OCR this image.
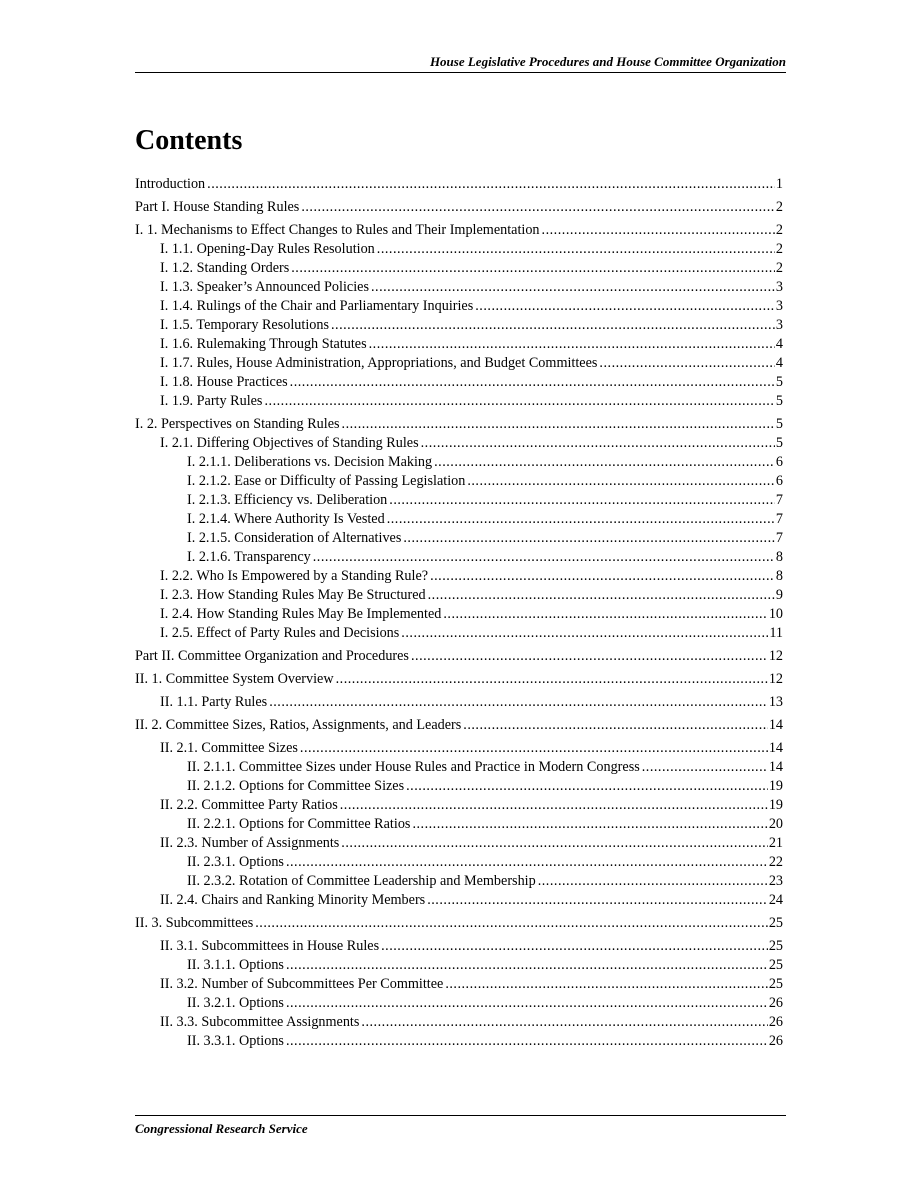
House Legislative Procedures and House Committee Organization
Contents
Introduction .....	1
Part I. House Standing Rules .....	2
I. 1. Mechanisms to Effect Changes to Rules and Their Implementation .....	2
I. 1.1. Opening-Day Rules Resolution .....	2
I. 1.2. Standing Orders .....	2
I. 1.3. Speaker’s Announced Policies .....	3
I. 1.4. Rulings of the Chair and Parliamentary Inquiries .....	3
I. 1.5. Temporary Resolutions .....	3
I. 1.6. Rulemaking Through Statutes .....	4
I. 1.7. Rules, House Administration, Appropriations, and Budget Committees .....	4
I. 1.8. House Practices .....	5
I. 1.9. Party Rules .....	5
I. 2. Perspectives on Standing Rules .....	5
I. 2.1. Differing Objectives of Standing Rules .....	5
I. 2.1.1. Deliberations vs. Decision Making .....	6
I. 2.1.2. Ease or Difficulty of Passing Legislation .....	6
I. 2.1.3. Efficiency vs. Deliberation .....	7
I. 2.1.4. Where Authority Is Vested .....	7
I. 2.1.5. Consideration of Alternatives .....	7
I. 2.1.6. Transparency .....	8
I. 2.2. Who Is Empowered by a Standing Rule? .....	8
I. 2.3. How Standing Rules May Be Structured .....	9
I. 2.4. How Standing Rules May Be Implemented .....	10
I. 2.5. Effect of Party Rules and Decisions .....	11
Part II. Committee Organization and Procedures .....	12
II. 1. Committee System Overview .....	12
II. 1.1. Party Rules .....	13
II. 2. Committee Sizes, Ratios, Assignments, and Leaders .....	14
II. 2.1. Committee Sizes .....	14
II. 2.1.1. Committee Sizes under House Rules and Practice in Modern Congress .....	14
II. 2.1.2. Options for Committee Sizes .....	19
II. 2.2. Committee Party Ratios .....	19
II. 2.2.1. Options for Committee Ratios .....	20
II. 2.3. Number of Assignments .....	21
II. 2.3.1. Options .....	22
II. 2.3.2. Rotation of Committee Leadership and Membership .....	23
II. 2.4. Chairs and Ranking Minority Members .....	24
II. 3. Subcommittees .....	25
II. 3.1. Subcommittees in House Rules .....	25
II. 3.1.1. Options .....	25
II. 3.2. Number of Subcommittees Per Committee .....	25
II. 3.2.1. Options .....	26
II. 3.3. Subcommittee Assignments .....	26
II. 3.3.1. Options .....	26
Congressional Research Service
